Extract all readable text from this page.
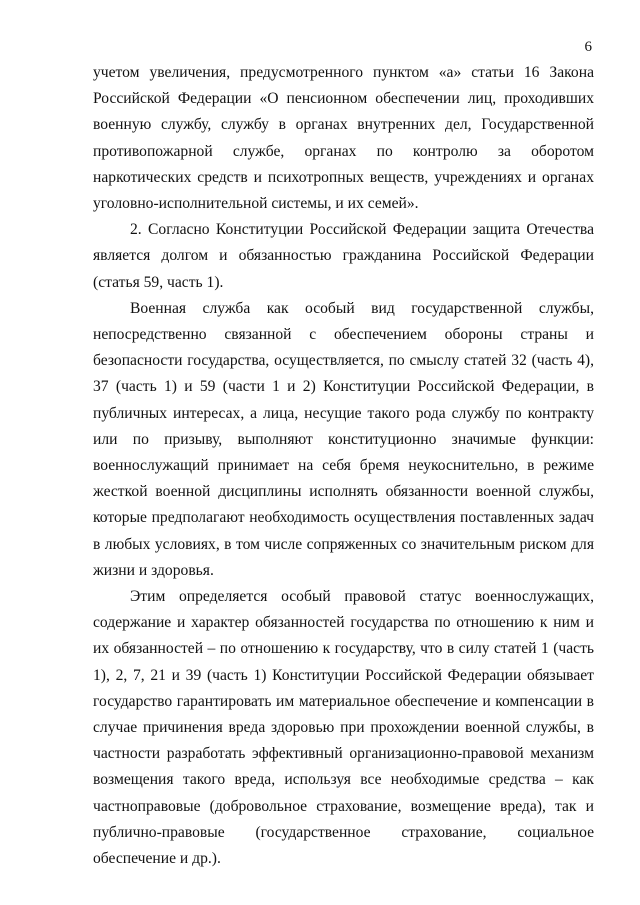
6

учетом увеличения, предусмотренного пунктом «а» статьи 16 Закона Российской Федерации «О пенсионном обеспечении лиц, проходивших военную службу, службу в органах внутренних дел, Государственной противопожарной службе, органах по контролю за оборотом наркотических средств и психотропных веществ, учреждениях и органах уголовно-исполнительной системы, и их семей».

2. Согласно Конституции Российской Федерации защита Отечества является долгом и обязанностью гражданина Российской Федерации (статья 59, часть 1).

Военная служба как особый вид государственной службы, непосредственно связанной с обеспечением обороны страны и безопасности государства, осуществляется, по смыслу статей 32 (часть 4), 37 (часть 1) и 59 (части 1 и 2) Конституции Российской Федерации, в публичных интересах, а лица, несущие такого рода службу по контракту или по призыву, выполняют конституционно значимые функции: военнослужащий принимает на себя бремя неукоснительно, в режиме жесткой военной дисциплины исполнять обязанности военной службы, которые предполагают необходимость осуществления поставленных задач в любых условиях, в том числе сопряженных со значительным риском для жизни и здоровья.

Этим определяется особый правовой статус военнослужащих, содержание и характер обязанностей государства по отношению к ним и их обязанностей – по отношению к государству, что в силу статей 1 (часть 1), 2, 7, 21 и 39 (часть 1) Конституции Российской Федерации обязывает государство гарантировать им материальное обеспечение и компенсации в случае причинения вреда здоровью при прохождении военной службы, в частности разработать эффективный организационно-правовой механизм возмещения такого вреда, используя все необходимые средства – как частноправовые (добровольное страхование, возмещение вреда), так и публично-правовые (государственное страхование, социальное обеспечение и др.).
